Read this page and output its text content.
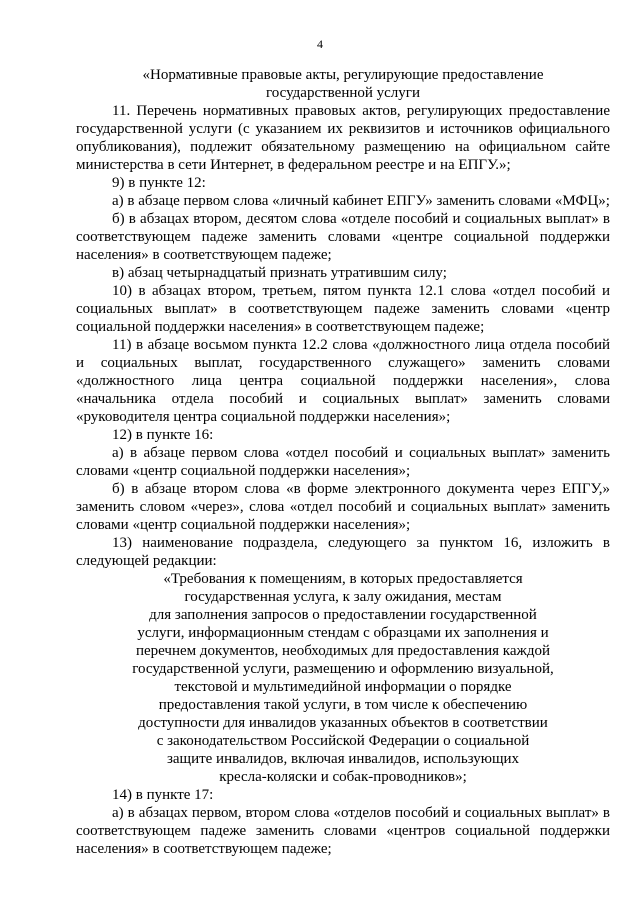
4

«Нормативные правовые акты, регулирующие предоставление
государственной услуги

11. Перечень нормативных правовых актов, регулирующих предоставление государственной услуги (с указанием их реквизитов и источников официального опубликования), подлежит обязательному размещению на официальном сайте министерства в сети Интернет, в федеральном реестре и на ЕПГУ.»;

9) в пункте 12:

а) в абзаце первом слова «личный кабинет ЕПГУ» заменить словами «МФЦ»;

б) в абзацах втором, десятом слова «отделе пособий и социальных выплат» в соответствующем падеже заменить словами «центре социальной поддержки населения» в соответствующем падеже;

в) абзац четырнадцатый признать утратившим силу;

10) в абзацах втором, третьем, пятом пункта 12.1 слова «отдел пособий и социальных выплат» в соответствующем падеже заменить словами «центр социальной поддержки населения» в соответствующем падеже;

11) в абзаце восьмом пункта 12.2 слова «должностного лица отдела пособий и социальных выплат, государственного служащего» заменить словами «должностного лица центра социальной поддержки населения», слова «начальника отдела пособий и социальных выплат» заменить словами «руководителя центра социальной поддержки населения»;

12) в пункте 16:

а) в абзаце первом слова «отдел пособий и социальных выплат» заменить словами «центр социальной поддержки населения»;

б) в абзаце втором слова «в форме электронного документа через ЕПГУ,» заменить словом «через», слова «отдел пособий и социальных выплат» заменить словами «центр социальной поддержки населения»;

13) наименование подраздела, следующего за пунктом 16, изложить в следующей редакции:

«Требования к помещениям, в которых предоставляется
государственная услуга, к залу ожидания, местам
для заполнения запросов о предоставлении государственной
услуги, информационным стендам с образцами их заполнения и
перечнем документов, необходимых для предоставления каждой
государственной услуги, размещению и оформлению визуальной,
текстовой и мультимедийной информации о порядке
предоставления такой услуги, в том числе к обеспечению
доступности для инвалидов указанных объектов в соответствии
с законодательством Российской Федерации о социальной
защите инвалидов, включая инвалидов, использующих
кресла-коляски и собак-проводников»;

14) в пункте 17:

а) в абзацах первом, втором слова «отделов пособий и социальных выплат» в соответствующем падеже заменить словами «центров социальной поддержки населения» в соответствующем падеже;
